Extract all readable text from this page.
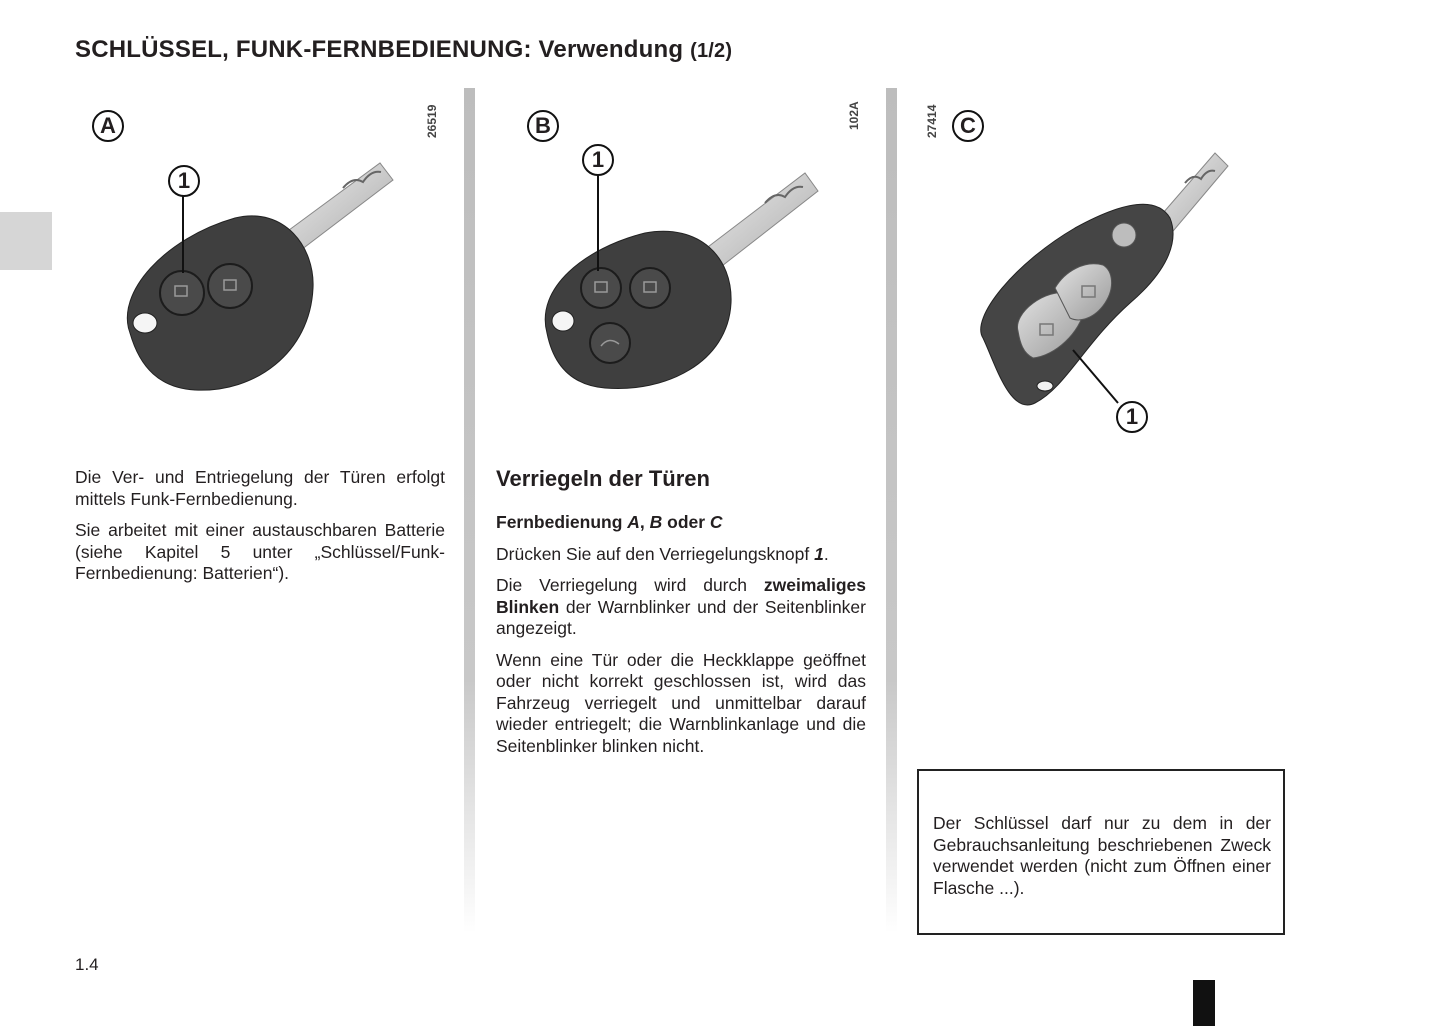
SCHLÜSSEL, FUNK-FERNBEDIENUNG: Verwendung (1/2)
A
1
26519	B
1
102A	C
1
27414

Die Ver- und Entriegelung der Türen erfolgt mittels Funk-Fernbedienung.

Sie arbeitet mit einer austauschbaren Batterie (siehe Kapitel 5 unter „Schlüssel/Funk-Fernbedienung: Batterien“).

Verriegeln der Türen

Fernbedienung A, B oder C

Drücken Sie auf den Verriegelungsknopf 1.

Die Verriegelung wird durch zweimaliges Blinken der Warnblinker und der Seitenblinker angezeigt.

Wenn eine Tür oder die Heckklappe geöffnet oder nicht korrekt geschlossen ist, wird das Fahrzeug verriegelt und unmittelbar darauf wieder entriegelt; die Warnblinkanlage und die Seitenblinker blinken nicht.

Der Schlüssel darf nur zu dem in der Gebrauchsanleitung beschriebenen Zweck verwendet werden (nicht zum Öffnen einer Flasche ...).
1.4
